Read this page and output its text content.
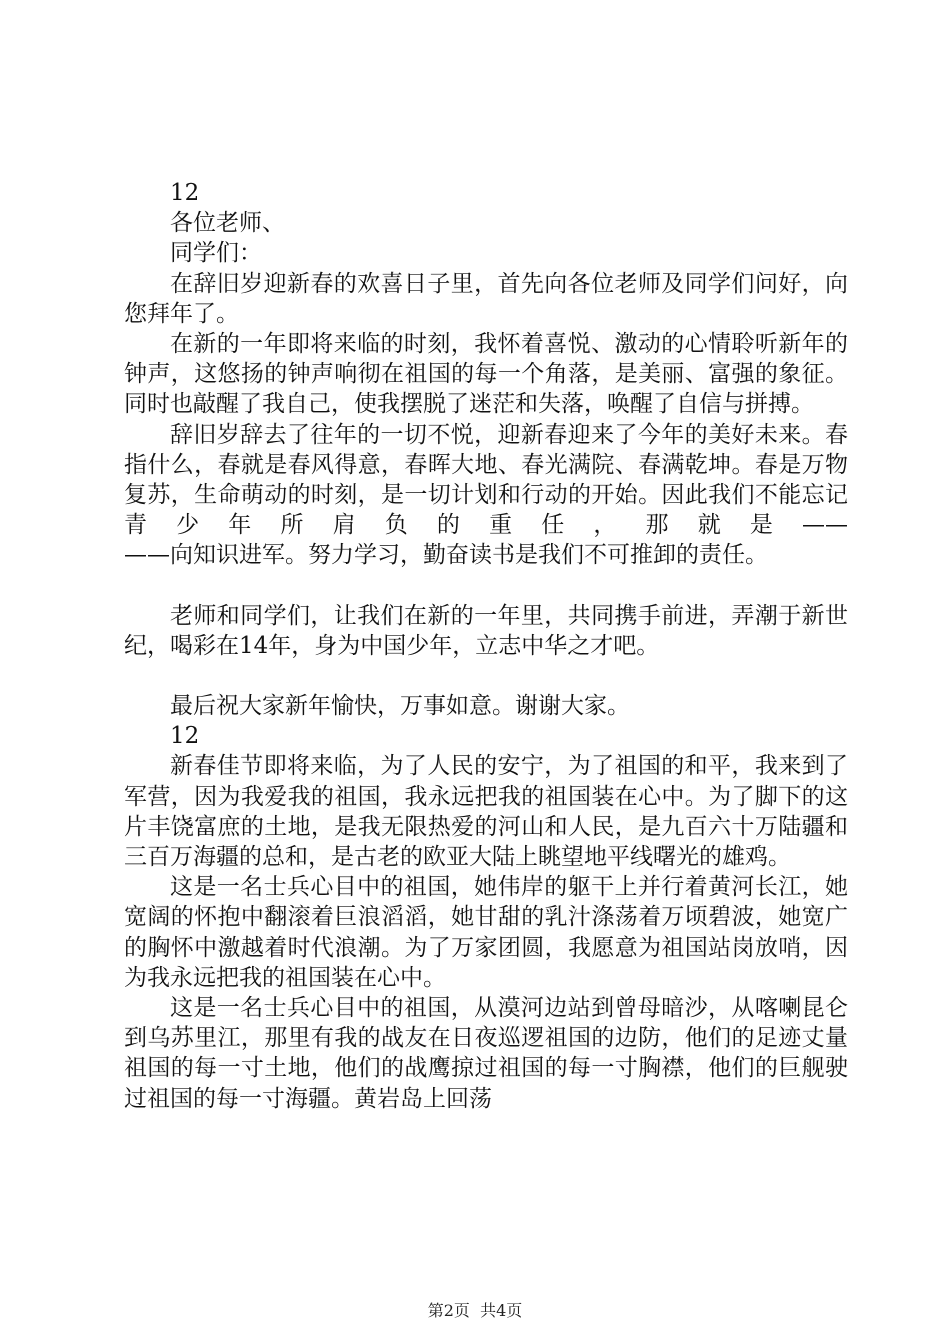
12

各位老师、

同学们：

在辞旧岁迎新春的欢喜日子里，首先向各位老师及同学们问好，向您拜年了。

在新的一年即将来临的时刻，我怀着喜悦、激动的心情聆听新年的钟声，这悠扬的钟声响彻在祖国的每一个角落，是美丽、富强的象征。同时也敲醒了我自己，使我摆脱了迷茫和失落，唤醒了自信与拼搏。

辞旧岁辞去了往年的一切不悦，迎新春迎来了今年的美好未来。春指什么，春就是春风得意，春晖大地、春光满院、春满乾坤。春是万物复苏，生命萌动的时刻，是一切计划和行动的开始。因此我们不能忘记青少年所肩负的重任，那就是——

——向知识进军。努力学习，勤奋读书是我们不可推卸的责任。

老师和同学们，让我们在新的一年里，共同携手前进，弄潮于新世纪，喝彩在14年，身为中国少年，立志中华之才吧。

最后祝大家新年愉快，万事如意。谢谢大家。

12

新春佳节即将来临，为了人民的安宁，为了祖国的和平，我来到了军营，因为我爱我的祖国，我永远把我的祖国装在心中。为了脚下的这片丰饶富庶的土地，是我无限热爱的河山和人民，是九百六十万陆疆和三百万海疆的总和，是古老的欧亚大陆上眺望地平线曙光的雄鸡。

这是一名士兵心目中的祖国，她伟岸的躯干上并行着黄河长江，她宽阔的怀抱中翻滚着巨浪滔滔，她甘甜的乳汁涤荡着万顷碧波，她宽广的胸怀中激越着时代浪潮。为了万家团圆，我愿意为祖国站岗放哨，因为我永远把我的祖国装在心中。

这是一名士兵心目中的祖国，从漠河边站到曾母暗沙，从喀喇昆仑到乌苏里江，那里有我的战友在日夜巡逻祖国的边防，他们的足迹丈量祖国的每一寸土地，他们的战鹰掠过祖国的每一寸胸襟，他们的巨舰驶过祖国的每一寸海疆。黄岩岛上回荡

第2页  共4页
